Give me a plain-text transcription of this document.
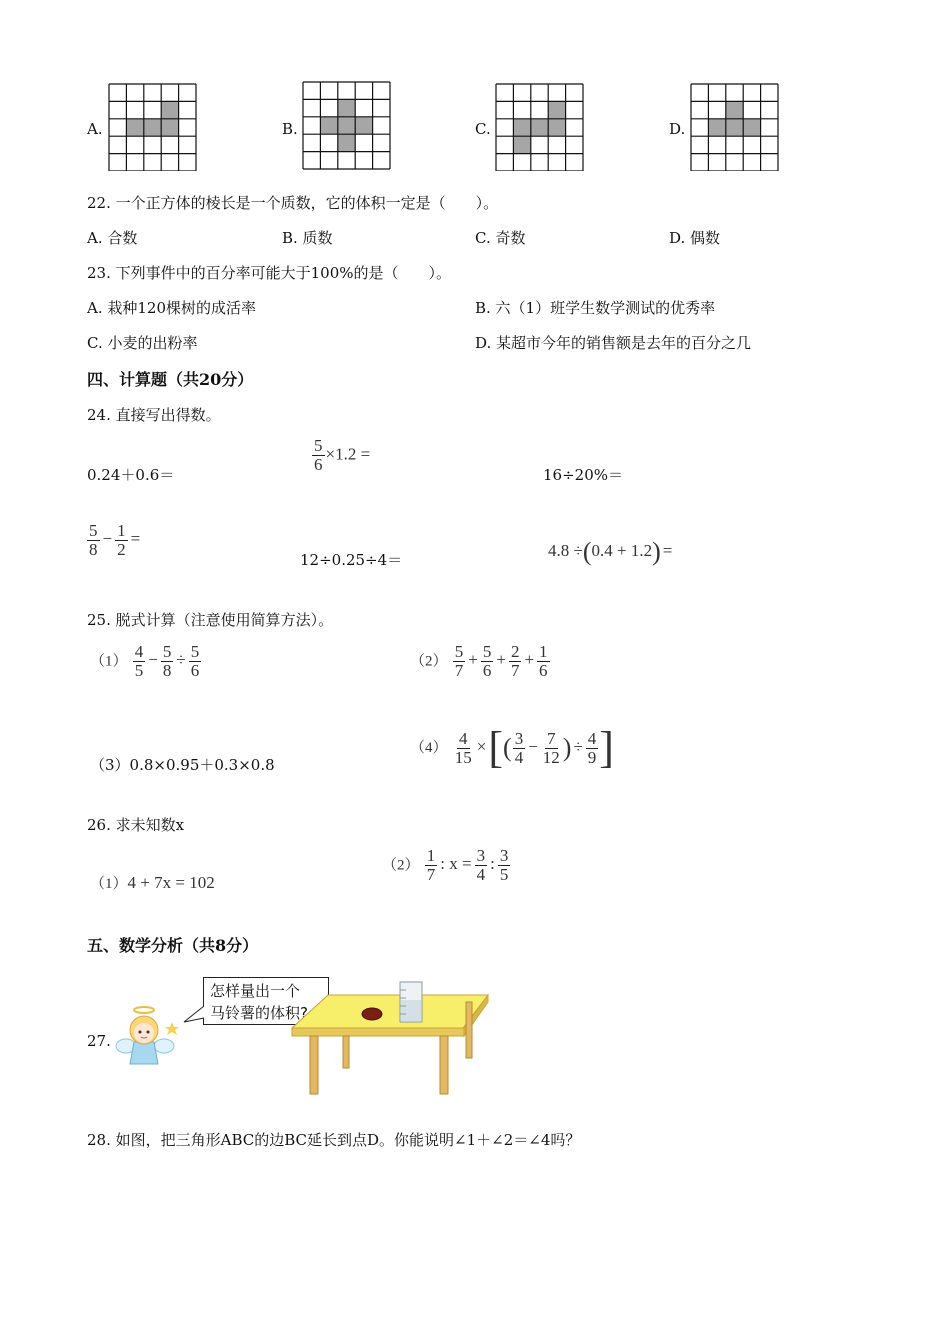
A.	B.	C.	D.
22. 一个正方体的棱长是一个质数，它的体积一定是（　　）。
A. 合数	B. 质数	C. 奇数	D. 偶数
23. 下列事件中的百分率可能大于100%的是（　　）。
A. 栽种120棵树的成活率	B. 六（1）班学生数学测试的优秀率
C. 小麦的出粉率	D. 某超市今年的销售额是去年的百分之几
四、计算题（共20分）
24. 直接写出得数。
0.24＋0.6＝
$\frac{5}{6} \times 1.2$ =
16÷20%＝
$\frac{5}{8} - \frac{1}{2}$ =
12÷0.25÷4＝
4.8 ÷(0.4 + 1.2) =
25. 脱式计算（注意使用简算方法）。
$(1) \frac{4}{5} - \frac{5}{8} \div \frac{5}{6}$	$(2) \frac{5}{7} + \frac{5}{6} + \frac{2}{7} + \frac{1}{6}$
（3）0.8×0.95＋0.3×0.8
$(4) \frac{4}{15}$ ×[( $\frac{3}{4} - \frac{7}{12}$ ) ÷ $\frac{4}{9}$ ]
26. 求未知数x
（1）4 + 7x = 102
$(2) \frac{1}{7}$ : $x = \frac{3}{4}$ : $\frac{3}{5}$
五、数学分析（共8分）
27.
怎样量出一个
马铃薯的体积?
28. 如图，把三角形ABC的边BC延长到点D。你能说明∠1＋∠2＝∠4吗？
